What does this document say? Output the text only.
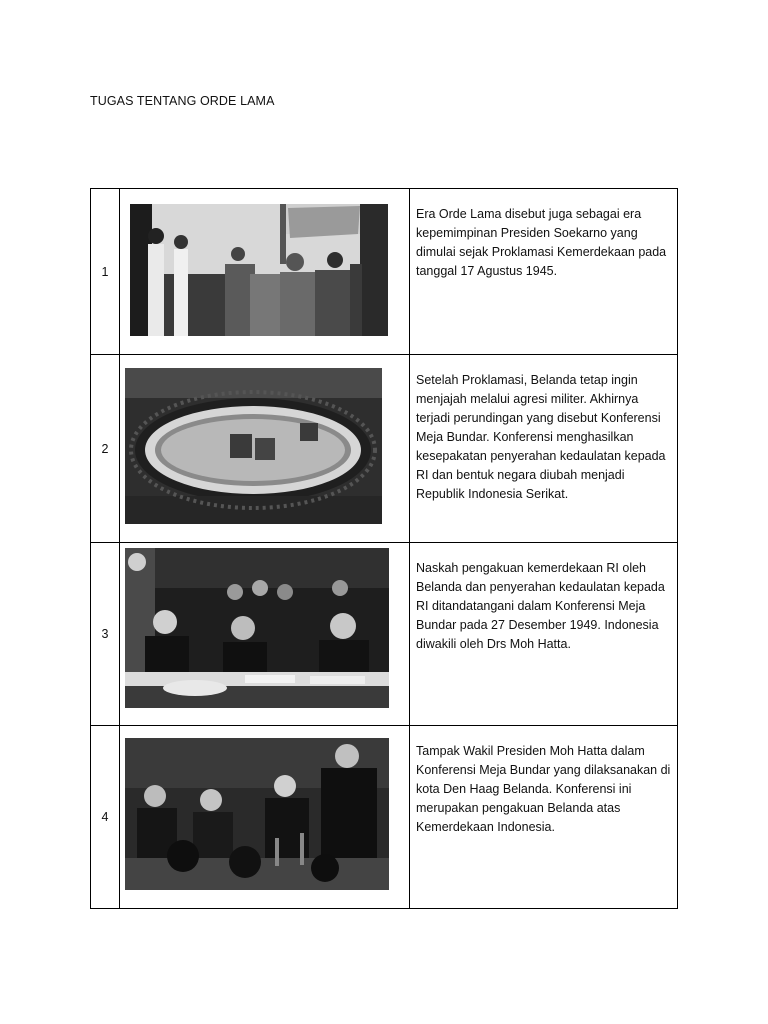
TUGAS TENTANG ORDE LAMA
1		Era Orde Lama disebut juga sebagai era kepemimpinan Presiden Soekarno yang dimulai sejak Proklamasi Kemerdekaan pada tanggal 17 Agustus 1945.
2		Setelah Proklamasi, Belanda tetap ingin menjajah melalui agresi militer. Akhirnya terjadi perundingan yang disebut Konferensi Meja Bundar. Konferensi menghasilkan kesepakatan penyerahan kedaulatan kepada RI dan bentuk negara diubah menjadi Republik Indonesia Serikat.
3		Naskah pengakuan kemerdekaan RI oleh Belanda dan penyerahan kedaulatan kepada RI ditandatangani dalam Konferensi Meja Bundar pada 27 Desember 1949. Indonesia diwakili oleh Drs Moh Hatta.
4		Tampak Wakil Presiden Moh Hatta dalam Konferensi Meja Bundar yang dilaksanakan di kota Den Haag Belanda. Konferensi ini merupakan pengakuan Belanda atas Kemerdekaan Indonesia.
